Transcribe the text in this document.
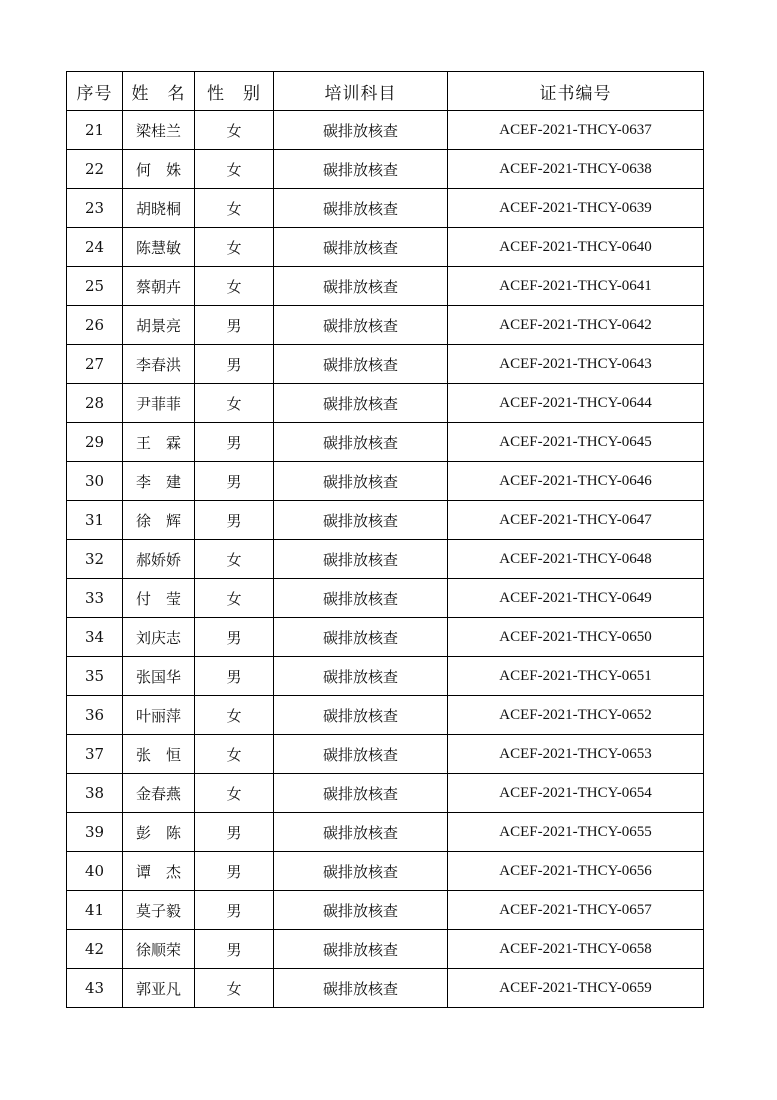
序号	姓　名	性　别	培训科目	证书编号
21	梁桂兰	女	碳排放核查	ACEF-2021-THCY-0637
22	何　姝	女	碳排放核查	ACEF-2021-THCY-0638
23	胡晓桐	女	碳排放核查	ACEF-2021-THCY-0639
24	陈慧敏	女	碳排放核查	ACEF-2021-THCY-0640
25	蔡朝卉	女	碳排放核查	ACEF-2021-THCY-0641
26	胡景亮	男	碳排放核查	ACEF-2021-THCY-0642
27	李春洪	男	碳排放核查	ACEF-2021-THCY-0643
28	尹菲菲	女	碳排放核查	ACEF-2021-THCY-0644
29	王　霖	男	碳排放核查	ACEF-2021-THCY-0645
30	李　建	男	碳排放核查	ACEF-2021-THCY-0646
31	徐　辉	男	碳排放核查	ACEF-2021-THCY-0647
32	郝娇娇	女	碳排放核查	ACEF-2021-THCY-0648
33	付　莹	女	碳排放核查	ACEF-2021-THCY-0649
34	刘庆志	男	碳排放核查	ACEF-2021-THCY-0650
35	张国华	男	碳排放核查	ACEF-2021-THCY-0651
36	叶丽萍	女	碳排放核查	ACEF-2021-THCY-0652
37	张　恒	女	碳排放核查	ACEF-2021-THCY-0653
38	金春燕	女	碳排放核查	ACEF-2021-THCY-0654
39	彭　陈	男	碳排放核查	ACEF-2021-THCY-0655
40	谭　杰	男	碳排放核查	ACEF-2021-THCY-0656
41	莫子毅	男	碳排放核查	ACEF-2021-THCY-0657
42	徐顺荣	男	碳排放核查	ACEF-2021-THCY-0658
43	郭亚凡	女	碳排放核查	ACEF-2021-THCY-0659
